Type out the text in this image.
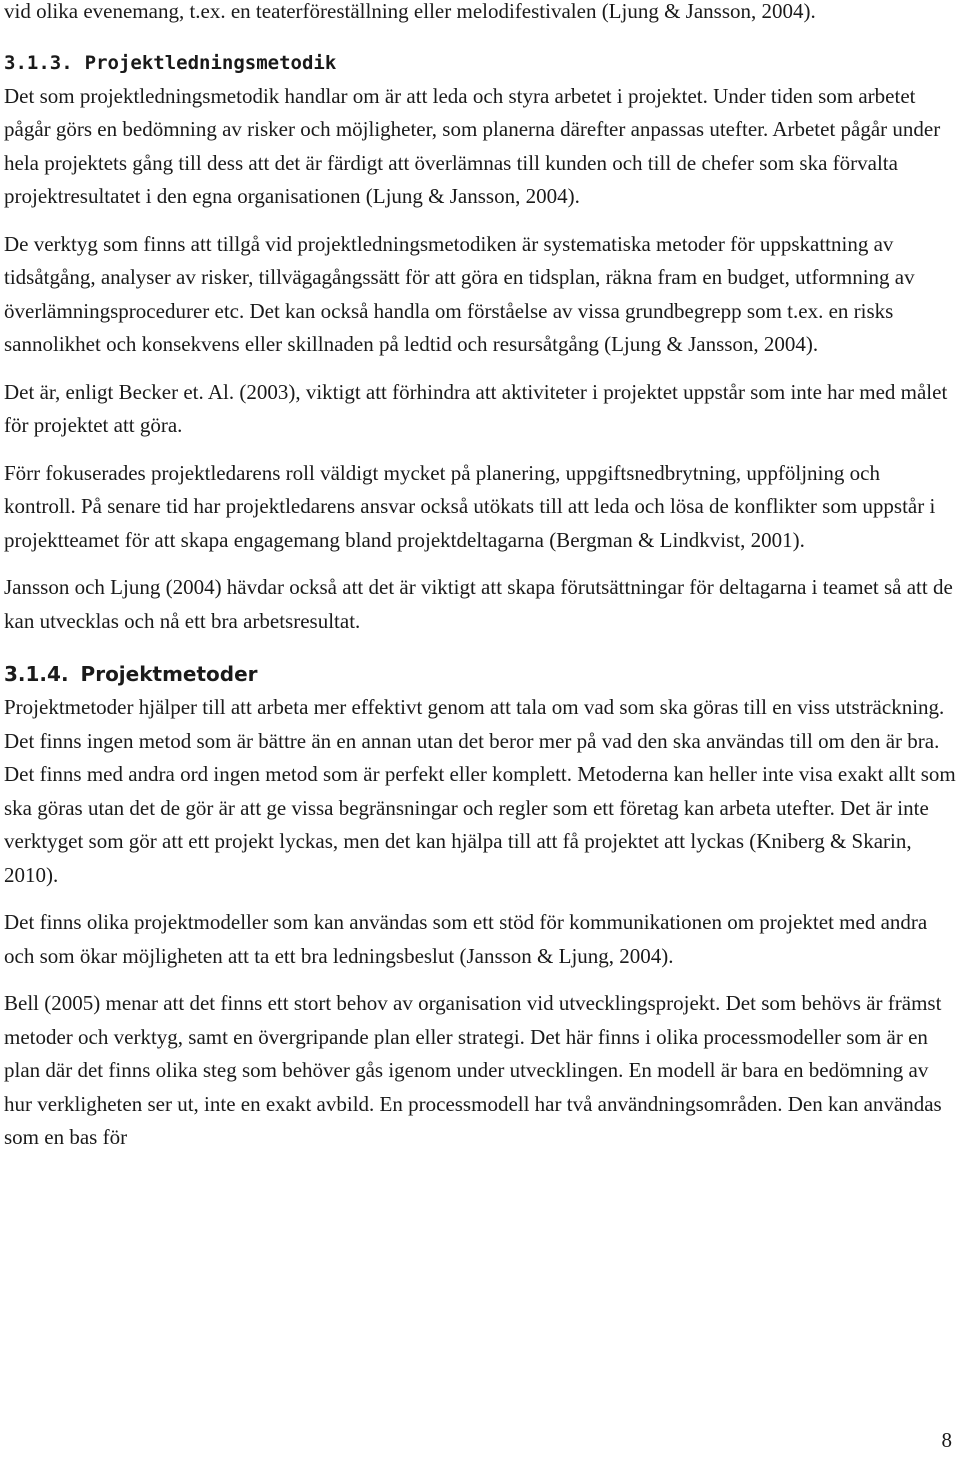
vid olika evenemang, t.ex. en teaterföreställning eller melodifestivalen (Ljung & Jansson, 2004).

3.1.3. Projektledningsmetodik

Det som projektledningsmetodik handlar om är att leda och styra arbetet i projektet. Under tiden som arbetet pågår görs en bedömning av risker och möjligheter, som planerna därefter anpassas utefter. Arbetet pågår under hela projektets gång till dess att det är färdigt att överlämnas till kunden och till de chefer som ska förvalta projektresultatet i den egna organisationen (Ljung & Jansson, 2004).

De verktyg som finns att tillgå vid projektledningsmetodiken är systematiska metoder för uppskattning av tidsåtgång, analyser av risker, tillvägagångssätt för att göra en tidsplan, räkna fram en budget, utformning av överlämningsprocedurer etc. Det kan också handla om förståelse av vissa grundbegrepp som t.ex. en risks sannolikhet och konsekvens eller skillnaden på ledtid och resursåtgång (Ljung & Jansson, 2004).

Det är, enligt Becker et. Al. (2003), viktigt att förhindra att aktiviteter i projektet uppstår som inte har med målet för projektet att göra.

Förr fokuserades projektledarens roll väldigt mycket på planering, uppgiftsnedbrytning, uppföljning och kontroll. På senare tid har projektledarens ansvar också utökats till att leda och lösa de konflikter som uppstår i projektteamet för att skapa engagemang bland projektdeltagarna (Bergman & Lindkvist, 2001).

Jansson och Ljung (2004) hävdar också att det är viktigt att skapa förutsättningar för deltagarna i teamet så att de kan utvecklas och nå ett bra arbetsresultat.

3.1.4. Projektmetoder

Projektmetoder hjälper till att arbeta mer effektivt genom att tala om vad som ska göras till en viss utsträckning. Det finns ingen metod som är bättre än en annan utan det beror mer på vad den ska användas till om den är bra. Det finns med andra ord ingen metod som är perfekt eller komplett. Metoderna kan heller inte visa exakt allt som ska göras utan det de gör är att ge vissa begränsningar och regler som ett företag kan arbeta utefter. Det är inte verktyget som gör att ett projekt lyckas, men det kan hjälpa till att få projektet att lyckas (Kniberg & Skarin, 2010).

Det finns olika projektmodeller som kan användas som ett stöd för kommunikationen om projektet med andra och som ökar möjligheten att ta ett bra ledningsbeslut (Jansson & Ljung, 2004).

Bell (2005) menar att det finns ett stort behov av organisation vid utvecklingsprojekt. Det som behövs är främst metoder och verktyg, samt en övergripande plan eller strategi. Det här finns i olika processmodeller som är en plan där det finns olika steg som behöver gås igenom under utvecklingen. En modell är bara en bedömning av hur verkligheten ser ut, inte en exakt avbild. En processmodell har två användningsområden. Den kan användas som en bas för

8
